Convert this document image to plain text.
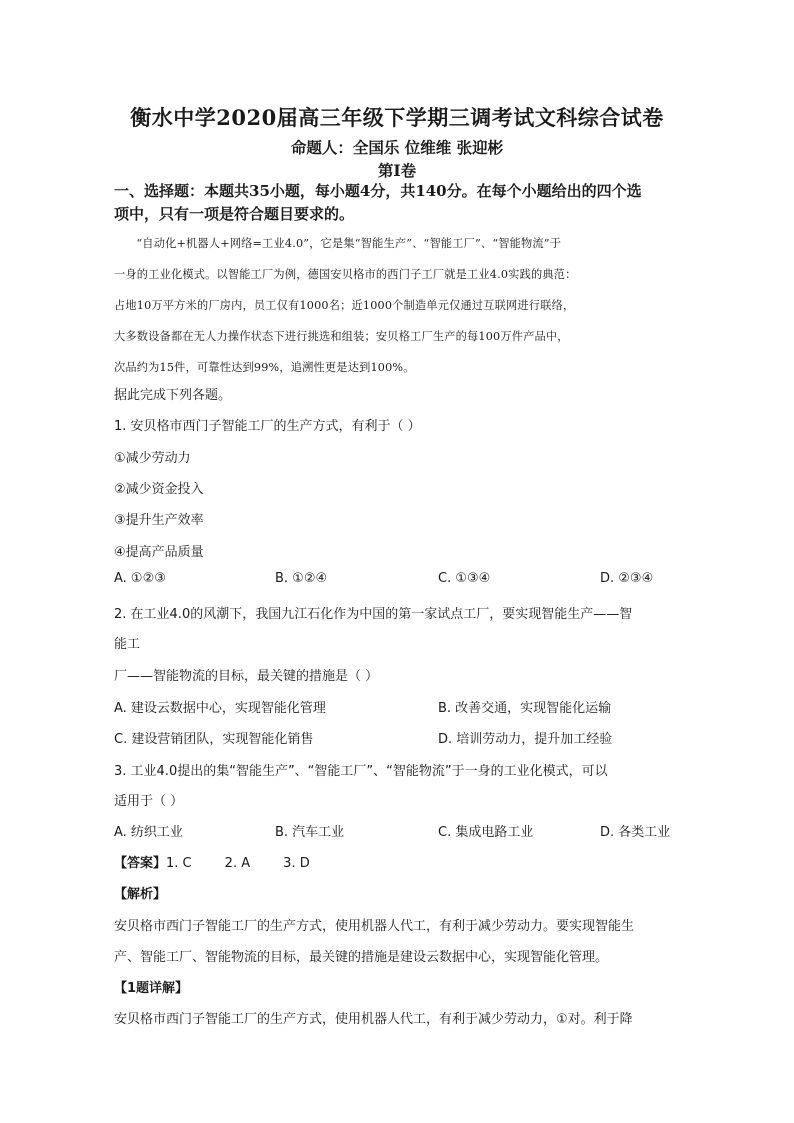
衡水中学2020届高三年级下学期三调考试文科综合试卷
命题人：全国乐 位维维 张迎彬
第Ⅰ卷
一、选择题：本题共35小题，每小题4分，共140分。在每个小题给出的四个选
项中，只有一项是符合题目要求的。

“自动化+机器人+网络=工业4.0”，它是集“智能生产”、“智能工厂”、“智能物流”于

一身的工业化模式。以智能工厂为例，德国安贝格市的西门子工厂就是工业4.0实践的典范：

占地10万平方米的厂房内，员工仅有1000名；近1000个制造单元仅通过互联网进行联络，

大多数设备都在无人力操作状态下进行挑选和组装；安贝格工厂生产的每100万件产品中，

次品约为15件，可靠性达到99%，追溯性更是达到100%。

据此完成下列各题。
1. 安贝格市西门子智能工厂的生产方式，有利于（ ）
①减少劳动力
②减少资金投入
③提升生产效率
④提高产品质量
A. ①②③	B. ①②④	C. ①③④	D. ②③④
2. 在工业4.0的风潮下，我国九江石化作为中国的第一家试点工厂，要实现智能生产——智
能工
厂——智能物流的目标，最关键的措施是（ ）
A. 建设云数据中心，实现智能化管理	B. 改善交通，实现智能化运输
C. 建设营销团队，实现智能化销售	D. 培训劳动力，提升加工经验
3. 工业4.0提出的集“智能生产”、“智能工厂”、“智能物流”于一身的工业化模式，可以
适用于（ ）
A. 纺织工业	B. 汽车工业	C. 集成电路工业	D. 各类工业
【答案】1. C        2. A        3. D
【解析】
安贝格市西门子智能工厂的生产方式，使用机器人代工，有利于减少劳动力。要实现智能生
产、智能工厂、智能物流的目标，最关键的措施是建设云数据中心，实现智能化管理。
【1题详解】
安贝格市西门子智能工厂的生产方式，使用机器人代工，有利于减少劳动力，①对。利于降
